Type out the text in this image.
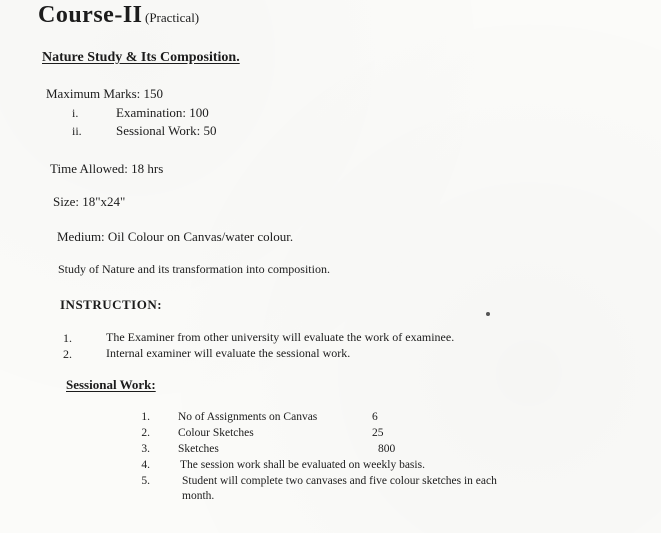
Course-II (Practical)
Nature Study & Its Composition.
Maximum Marks: 150
i.	Examination: 100
ii.	Sessional Work: 50
Time Allowed: 18 hrs
Size: 18"x24"
Medium: Oil Colour on Canvas/water colour.
Study of Nature and its transformation into composition.
INSTRUCTION:
1.	The Examiner from other university will evaluate the work of examinee.
2.	Internal examiner will evaluate the sessional work.
Sessional Work:
1. No of Assignments on Canvas	6
2. Colour Sketches	25
3. Sketches	800
4.	The session work shall be evaluated on weekly basis.
5.	Student will complete two canvases and five colour sketches in each
month.
